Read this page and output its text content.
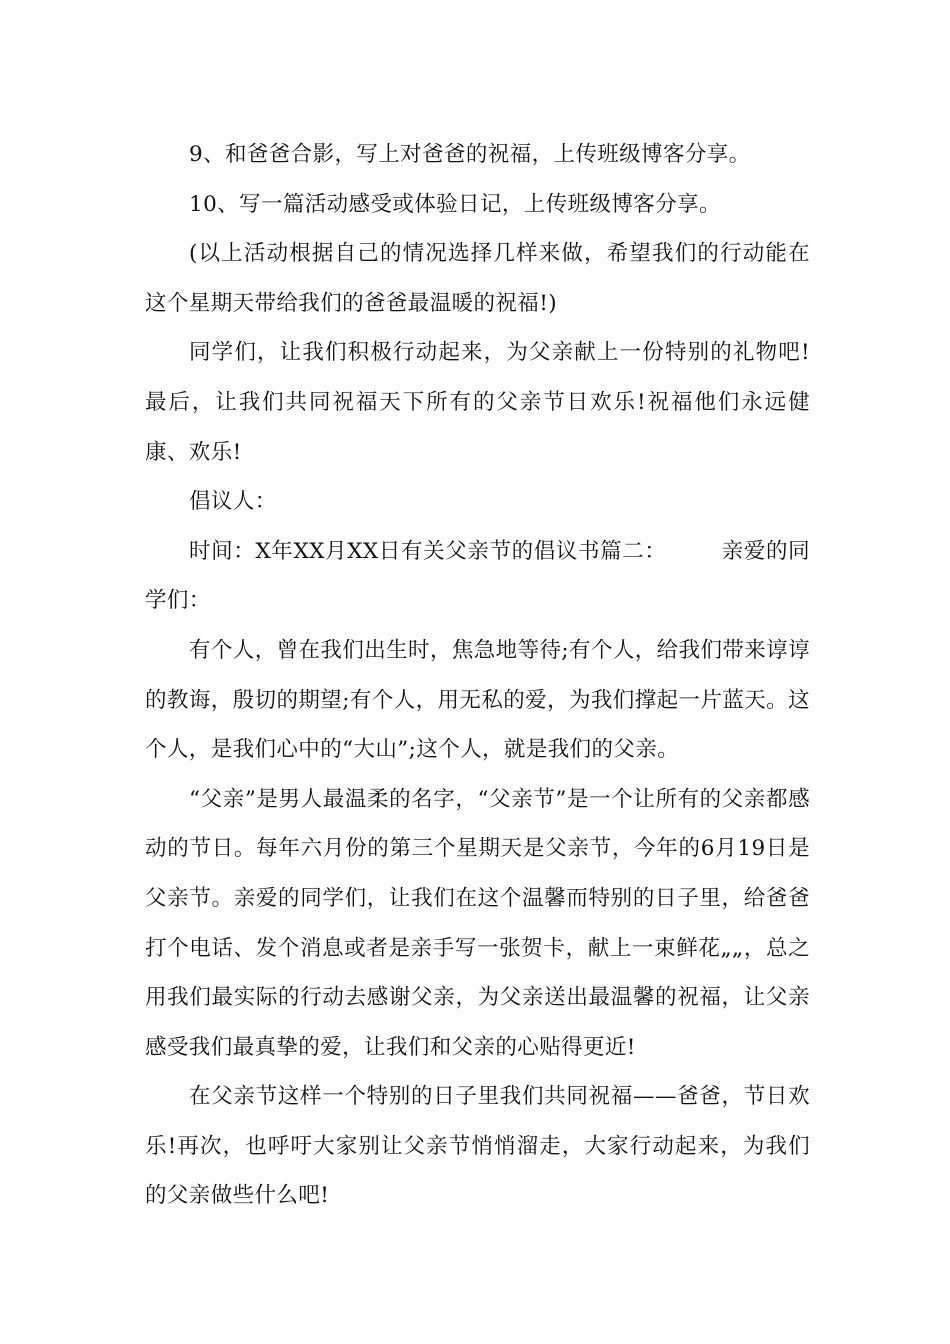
9、和爸爸合影，写上对爸爸的祝福，上传班级博客分享。

10、写一篇活动感受或体验日记，上传班级博客分享。

(以上活动根据自己的情况选择几样来做，希望我们的行动能在这个星期天带给我们的爸爸最温暖的祝福!)

同学们，让我们积极行动起来，为父亲献上一份特别的礼物吧!最后，让我们共同祝福天下所有的父亲节日欢乐!祝福他们永远健康、欢乐!

倡议人：

时间：X年XX月XX日有关父亲节的倡议书篇二：	亲爱的同学们：

有个人，曾在我们出生时，焦急地等待;有个人，给我们带来谆谆的教诲，殷切的期望;有个人，用无私的爱，为我们撑起一片蓝天。这个人，是我们心中的“大山”;这个人，就是我们的父亲。

“父亲”是男人最温柔的名字，“父亲节”是一个让所有的父亲都感动的节日。每年六月份的第三个星期天是父亲节，今年的6月19日是父亲节。亲爱的同学们，让我们在这个温馨而特别的日子里，给爸爸打个电话、发个消息或者是亲手写一张贺卡，献上一束鲜花„„，总之用我们最实际的行动去感谢父亲，为父亲送出最温馨的祝福，让父亲感受我们最真挚的爱，让我们和父亲的心贴得更近!

在父亲节这样一个特别的日子里我们共同祝福——爸爸，节日欢乐!再次，也呼吁大家别让父亲节悄悄溜走，大家行动起来，为我们的父亲做些什么吧!
